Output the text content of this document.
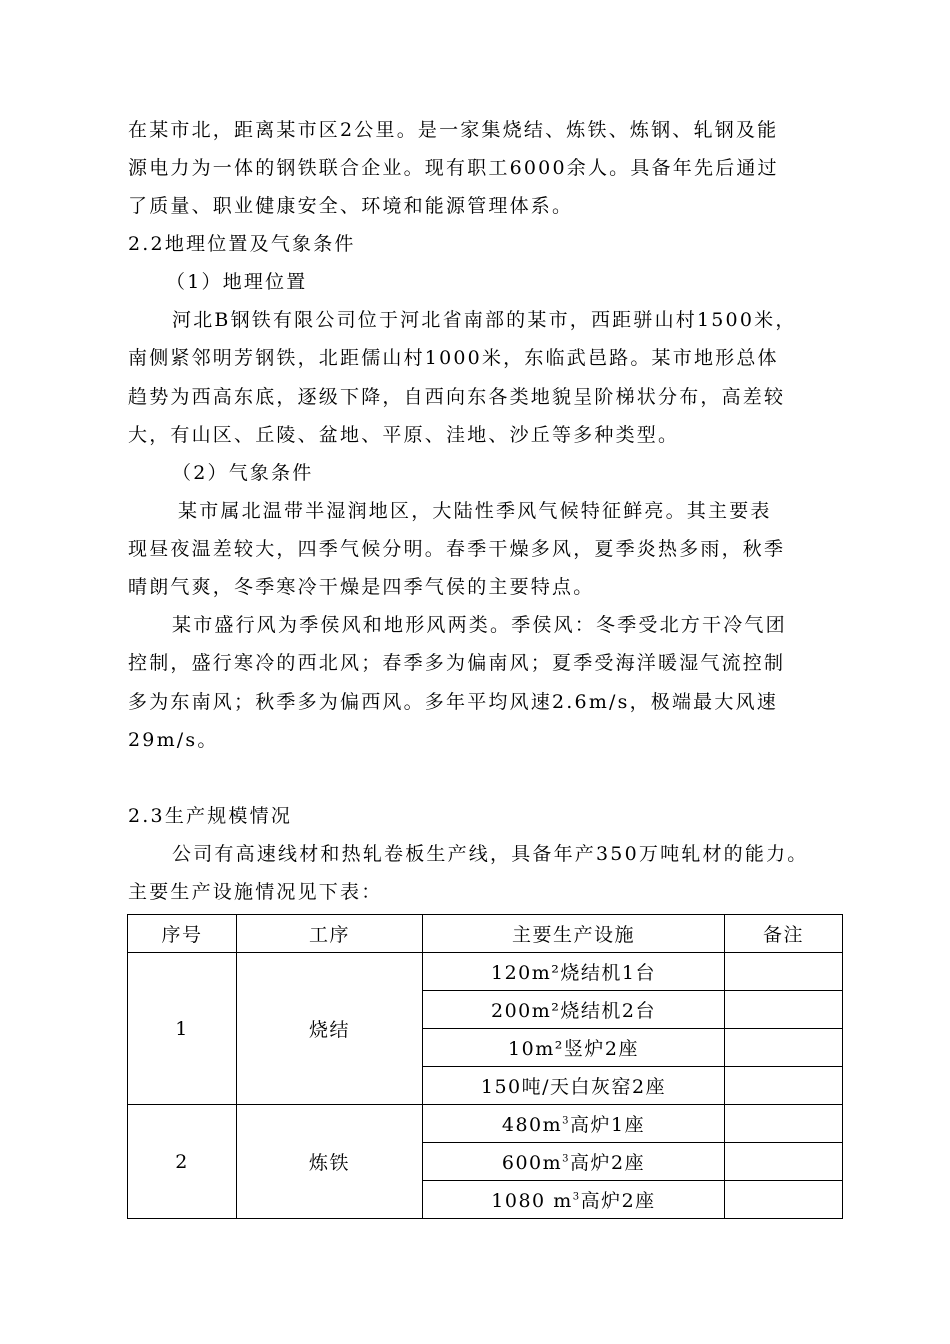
在某市北，距离某市区2公里。是一家集烧结、炼铁、炼钢、轧钢及能
源电力为一体的钢铁联合企业。现有职工6000余人。具备年先后通过
了质量、职业健康安全、环境和能源管理体系。
2.2地理位置及气象条件
（1）地理位置
河北B钢铁有限公司位于河北省南部的某市，西距骈山村1500米，
南侧紧邻明芳钢铁，北距儒山村1000米，东临武邑路。某市地形总体
趋势为西高东底，逐级下降，自西向东各类地貌呈阶梯状分布，高差较
大，有山区、丘陵、盆地、平原、洼地、沙丘等多种类型。
（2）气象条件
某市属北温带半湿润地区，大陆性季风气候特征鲜亮。其主要表
现昼夜温差较大，四季气候分明。春季干燥多风，夏季炎热多雨，秋季
晴朗气爽，冬季寒冷干燥是四季气侯的主要特点。
某市盛行风为季侯风和地形风两类。季侯风：冬季受北方干冷气团
控制，盛行寒冷的西北风；春季多为偏南风；夏季受海洋暖湿气流控制
多为东南风；秋季多为偏西风。多年平均风速2.6m/s，极端最大风速
29m/s。
2.3生产规模情况
公司有高速线材和热轧卷板生产线，具备年产350万吨轧材的能力。
主要生产设施情况见下表：
序号	工序	主要生产设施	备注
1	烧结	120m²烧结机1台	
		200m²烧结机2台	
		10m²竖炉2座	
		150吨/天白灰窑2座	
2	炼铁	$480m^3$高炉1座	
		$600m^3$高炉2座	
		1080 $m^3$高炉2座	
